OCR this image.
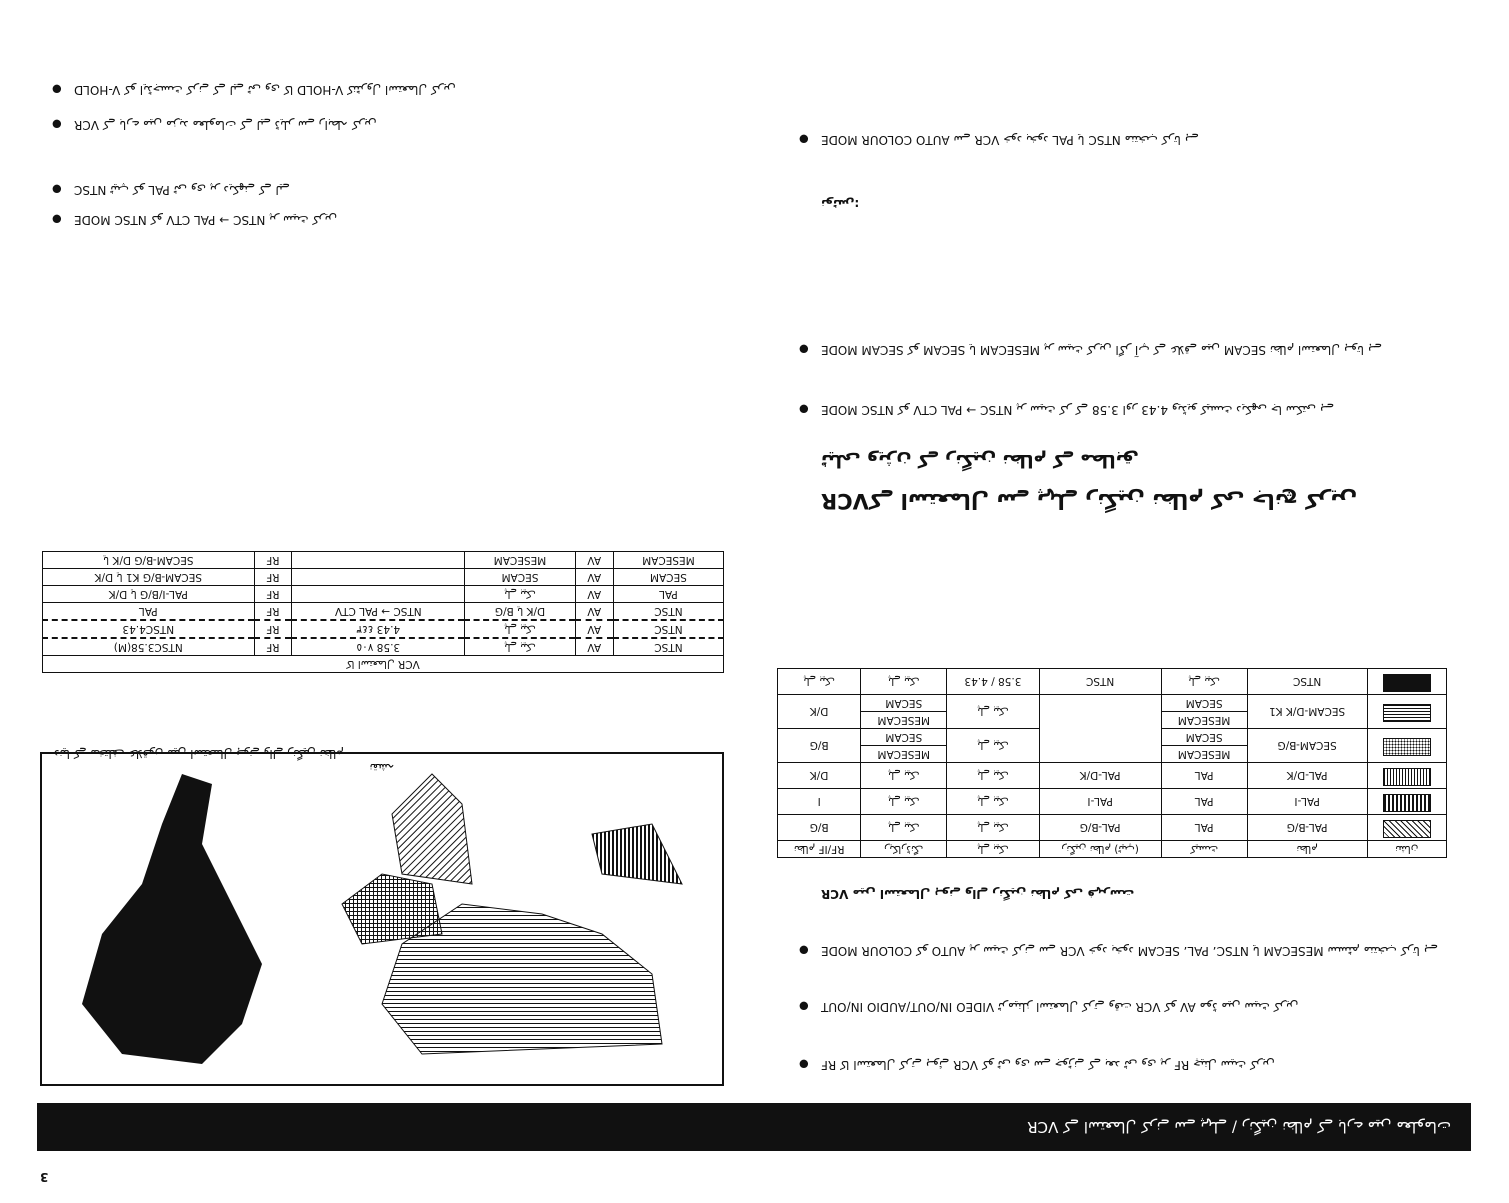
VCR کے استعمال کرنے سے پہلے / رنگین نظام کے بارے میں معلومات
3
● RF کا استعمال کرتے ہوئے VCR کو ٹی وی سے جوڑنے کے بعد ٹی وی پر RF چینل سیٹ کریں
● VIDEO IN/OUT/AUDIO IN/OUT ٹرمینلز استعمال کرتے وقت VCR کو AV موڈ میں سیٹ کریں
● COLOUR MODE کو AUTO پر سیٹ کرنے سے VCR خود بخود NTSC، PAL، SECAM یا MESECAM سسٹم منتخب کرتا ہے
VCR میں استعمال ہونے والے رنگین نظام کی فہرست
نشان	نظام	کیسٹ	رنگین نظام (ٹیپ)	پلے بیک	ریکارڈنگ	RF/IF نظام
	PAL-B/G	PAL	PAL-B/G	پلے بیک	پلے بیک	B/G
	PAL-I	PAL	PAL-I	پلے بیک	پلے بیک	I
	PAL-D/K	PAL	PAL-D/K	پلے بیک	پلے بیک	D/K
	SECAM-B/G	MESECAM		پلے بیک	MESECAM	B/G
		SECAM			SECAM	
	SECAM-D/K K1	MESECAM		پلے بیک	MESECAM	D/K
		SECAM			SECAM	
	NTSC	پلے بیک	NTSC	3.58 / 4.43	پلے بیک	پلے بیک
VCRکے استعمال سے پہلے رنگین نظام کی جانچ کریں
ٹیلی ویژن کے رنگین نظام کے مطابق
● NTSC MODE کو NTSC → PAL CTV پر سیٹ کر کے 3.58 اور 4.43 ویڈیو کیسٹ دیکھی جا سکتی ہے
● SECAM MODE کو SECAM یا MESECAM پر سیٹ کریں اگر آپ کے علاقے میں SECAM نظام استعمال ہوتا ہے
نوٹس:
● AUTO COLOUR MODE سے VCR خود بخود PAL یا NTSC منتخب کرتا ہے
دنیا کے مختلف علاقوں میں استعمال ہونے والے رنگین نظام
نقشہ
VCR کا استعمال					
NTSC	AV	پلے بیک	3.58 ٧٠٥	RF	NTSC3.58(M)
NTSC	AV	پلے بیک	4.43 ٤٤٣	RF	NTSC4.43
NTSC	AV	D/K یا B/G	NTSC → PAL CTV	RF	PAL
PAL	AV	پلے بیک		RF	PAL-I/B/G یا D/K
SECAM	AV	SECAM		RF	SECAM-B/G K1 یا D/K
MESECAM	AV	MESECAM		RF	SECAM-B/G D/K یا
● NTSC MODE کو NTSC → PAL CTV پر سیٹ کریں
● NTSC ٹیپ کو PAL ٹی وی پر دیکھنے کے لیے
● VCR کے بارے میں مزید معلومات کے لیے ڈیلر سے رابطہ کریں
● V-HOLD کو ایڈجسٹ کرنے کے لیے ٹی وی کا V-HOLD کنٹرول استعمال کریں
